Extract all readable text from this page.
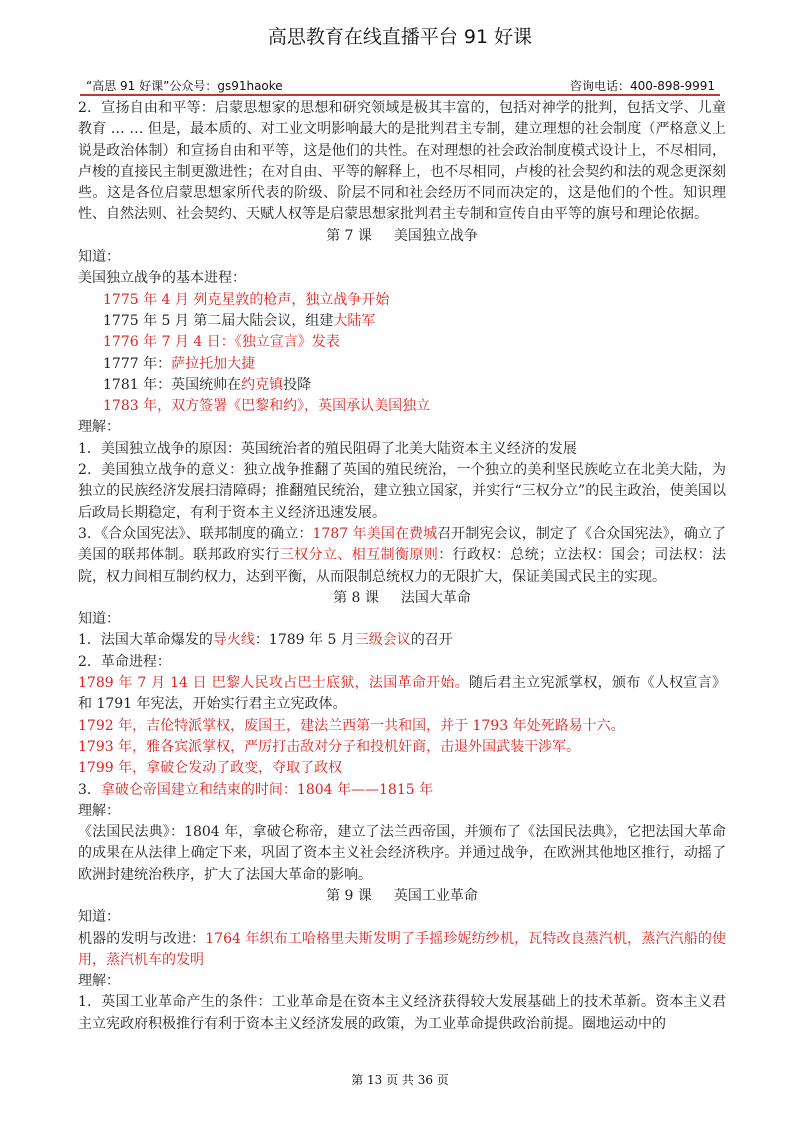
高思教育在线直播平台 91 好课
“高思 91 好课”公众号：gs91haoke	咨询电话：400-898-9991

2．宣扬自由和平等：启蒙思想家的思想和研究领域是极其丰富的，包括对神学的批判，包括文学、儿童教育 … … 但是，最本质的、对工业文明影响最大的是批判君主专制，建立理想的社会制度（严格意义上说是政治体制）和宣扬自由和平等，这是他们的共性。在对理想的社会政治制度模式设计上，不尽相同，卢梭的直接民主制更激进性；在对自由、平等的解释上，也不尽相同，卢梭的社会契约和法的观念更深刻些。这是各位启蒙思想家所代表的阶级、阶层不同和社会经历不同而决定的，这是他们的个性。知识理性、自然法则、社会契约、天赋人权等是启蒙思想家批判君主专制和宣传自由平等的旗号和理论依据。

第 7 课 美国独立战争

知道：

美国独立战争的基本进程：

1775 年 4 月 列克星敦的枪声，独立战争开始

1775 年 5 月 第二届大陆会议，组建大陆军

1776 年 7 月 4 日：《独立宣言》发表

1777 年：萨拉托加大捷

1781 年：英国统帅在约克镇投降

1783 年，双方签署《巴黎和约》，英国承认美国独立

理解：

1．美国独立战争的原因：英国统治者的殖民阻碍了北美大陆资本主义经济的发展

2．美国独立战争的意义：独立战争推翻了英国的殖民统治，一个独立的美利坚民族屹立在北美大陆，为独立的民族经济发展扫清障碍；推翻殖民统治，建立独立国家，并实行“三权分立”的民主政治，使美国以后政局长期稳定，有利于资本主义经济迅速发展。

3．《合众国宪法》、联邦制度的确立：1787 年美国在费城召开制宪会议，制定了《合众国宪法》，确立了美国的联邦体制。联邦政府实行三权分立、相互制衡原则：行政权：总统；立法权：国会；司法权：法院，权力间相互制约权力，达到平衡，从而限制总统权力的无限扩大，保证美国式民主的实现。

第 8 课 法国大革命

知道：

1．法国大革命爆发的导火线：1789 年 5 月三级会议的召开

2．革命进程：

1789 年 7 月 14 日 巴黎人民攻占巴士底狱，法国革命开始。随后君主立宪派掌权，颁布《人权宣言》和 1791 年宪法，开始实行君主立宪政体。

1792 年，吉伦特派掌权，废国王，建法兰西第一共和国，并于 1793 年处死路易十六。

1793 年，雅各宾派掌权，严厉打击敌对分子和投机奸商，击退外国武装干涉军。

1799 年，拿破仑发动了政变，夺取了政权

3．拿破仑帝国建立和结束的时间：1804 年——1815 年

理解：

《法国民法典》：1804 年，拿破仑称帝，建立了法兰西帝国，并颁布了《法国民法典》，它把法国大革命的成果在从法律上确定下来，巩固了资本主义社会经济秩序。并通过战争，在欧洲其他地区推行，动摇了欧洲封建统治秩序，扩大了法国大革命的影响。

第 9 课 英国工业革命

知道：

机器的发明与改进：1764 年织布工哈格里夫斯发明了手摇珍妮纺纱机，瓦特改良蒸汽机，蒸汽汽船的使用，蒸汽机车的发明

理解：

1．英国工业革命产生的条件：工业革命是在资本主义经济获得较大发展基础上的技术革新。资本主义君主立宪政府积极推行有利于资本主义经济发展的政策，为工业革命提供政治前提。圈地运动中的

第 13 页 共 36 页
